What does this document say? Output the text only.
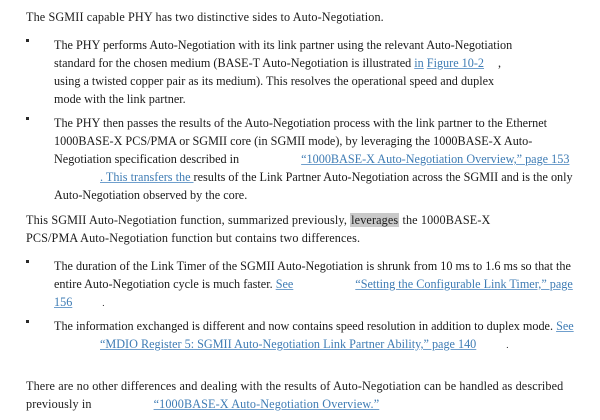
The SGMII capable PHY has two distinctive sides to Auto-Negotiation.
The PHY performs Auto-Negotiation with its link partner using the relevant Auto-Negotiation standard for the chosen medium (BASE-T Auto-Negotiation is illustrated in Figure 10-2 , using a twisted copper pair as its medium). This resolves the operational speed and duplex mode with the link partner.
The PHY then passes the results of the Auto-Negotiation process with the link partner to the Ethernet 1000BASE-X PCS/PMA or SGMII core (in SGMII mode), by leveraging the 1000BASE-X Auto-Negotiation specification described in	“1000BASE-X Auto-Negotiation Overview,” page 153. This transfers the results of the Link Partner Auto-Negotiation across the SGMII and is the only Auto-Negotiation observed by the core.
This SGMII Auto-Negotiation function, summarized previously, leverages the 1000BASE-X PCS/PMA Auto-Negotiation function but contains two differences.
The duration of the Link Timer of the SGMII Auto-Negotiation is shrunk from 10 ms to 1.6 ms so that the entire Auto-Negotiation cycle is much faster. See	“Setting the Configurable Link Timer,” page 156	.
The information exchanged is different and now contains speed resolution in addition to duplex mode. See“MDIO Register 5: SGMII Auto-Negotiation Link Partner Ability,” page 140	.
There are no other differences and dealing with the results of Auto-Negotiation can be handled as described previously in	“1000BASE-X Auto-Negotiation Overview.”
